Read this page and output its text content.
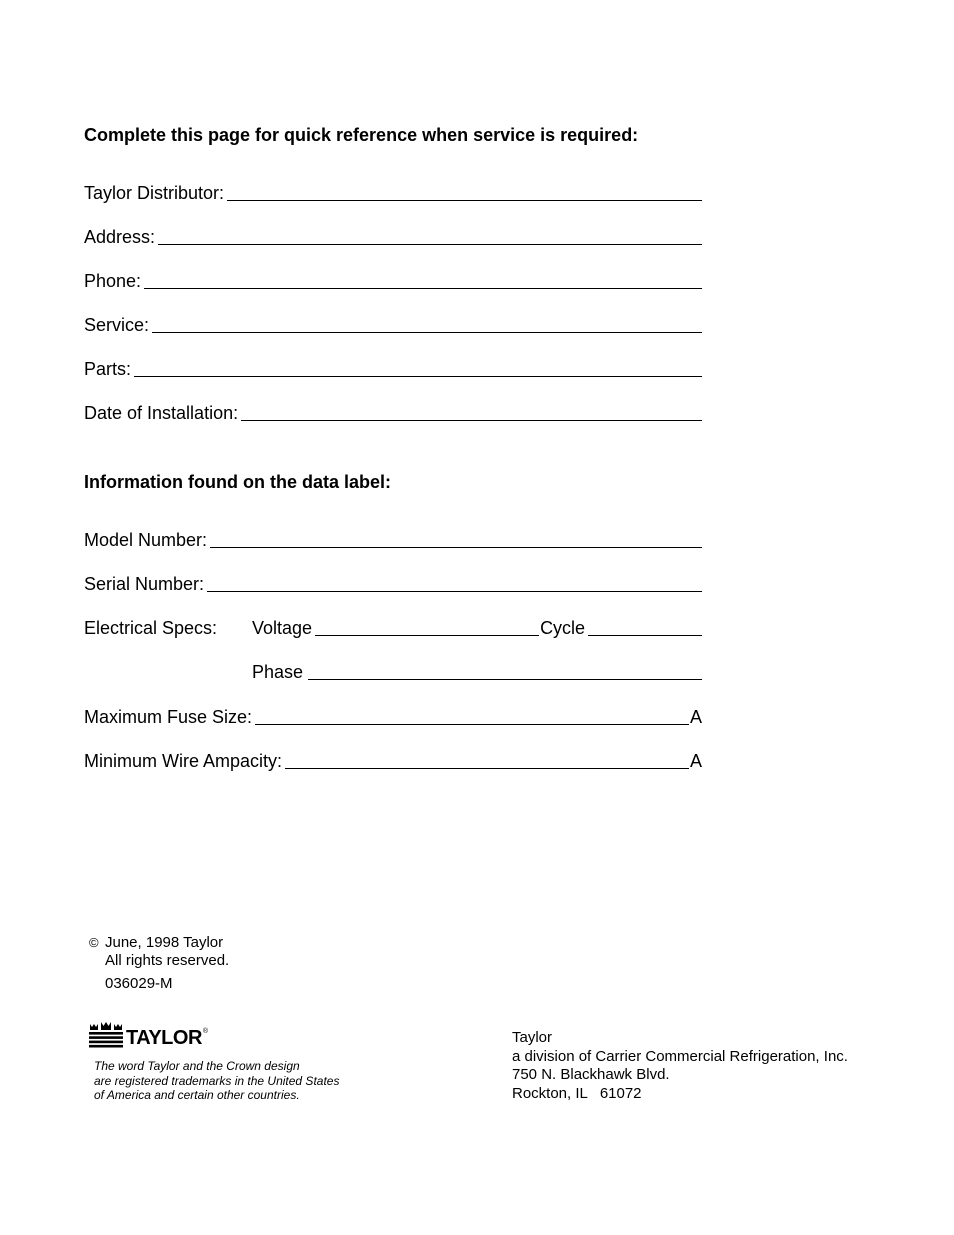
Complete this page for quick reference when service is required:
Taylor Distributor:
Address:
Phone:
Service:
Parts:
Date of Installation:
Information found on the data label:
Model Number:
Serial Number:
Electrical Specs:	Voltage	Cycle
Phase
Maximum Fuse Size:	A
Minimum Wire Ampacity:	A
© June, 1998 Taylor
All rights reserved.
036029-M
TAYLOR ®
The word Taylor and the Crown design
are registered trademarks in the United States
of America and certain other countries.
Taylor
a division of Carrier Commercial Refrigeration, Inc.
750 N. Blackhawk Blvd.
Rockton, IL   61072
